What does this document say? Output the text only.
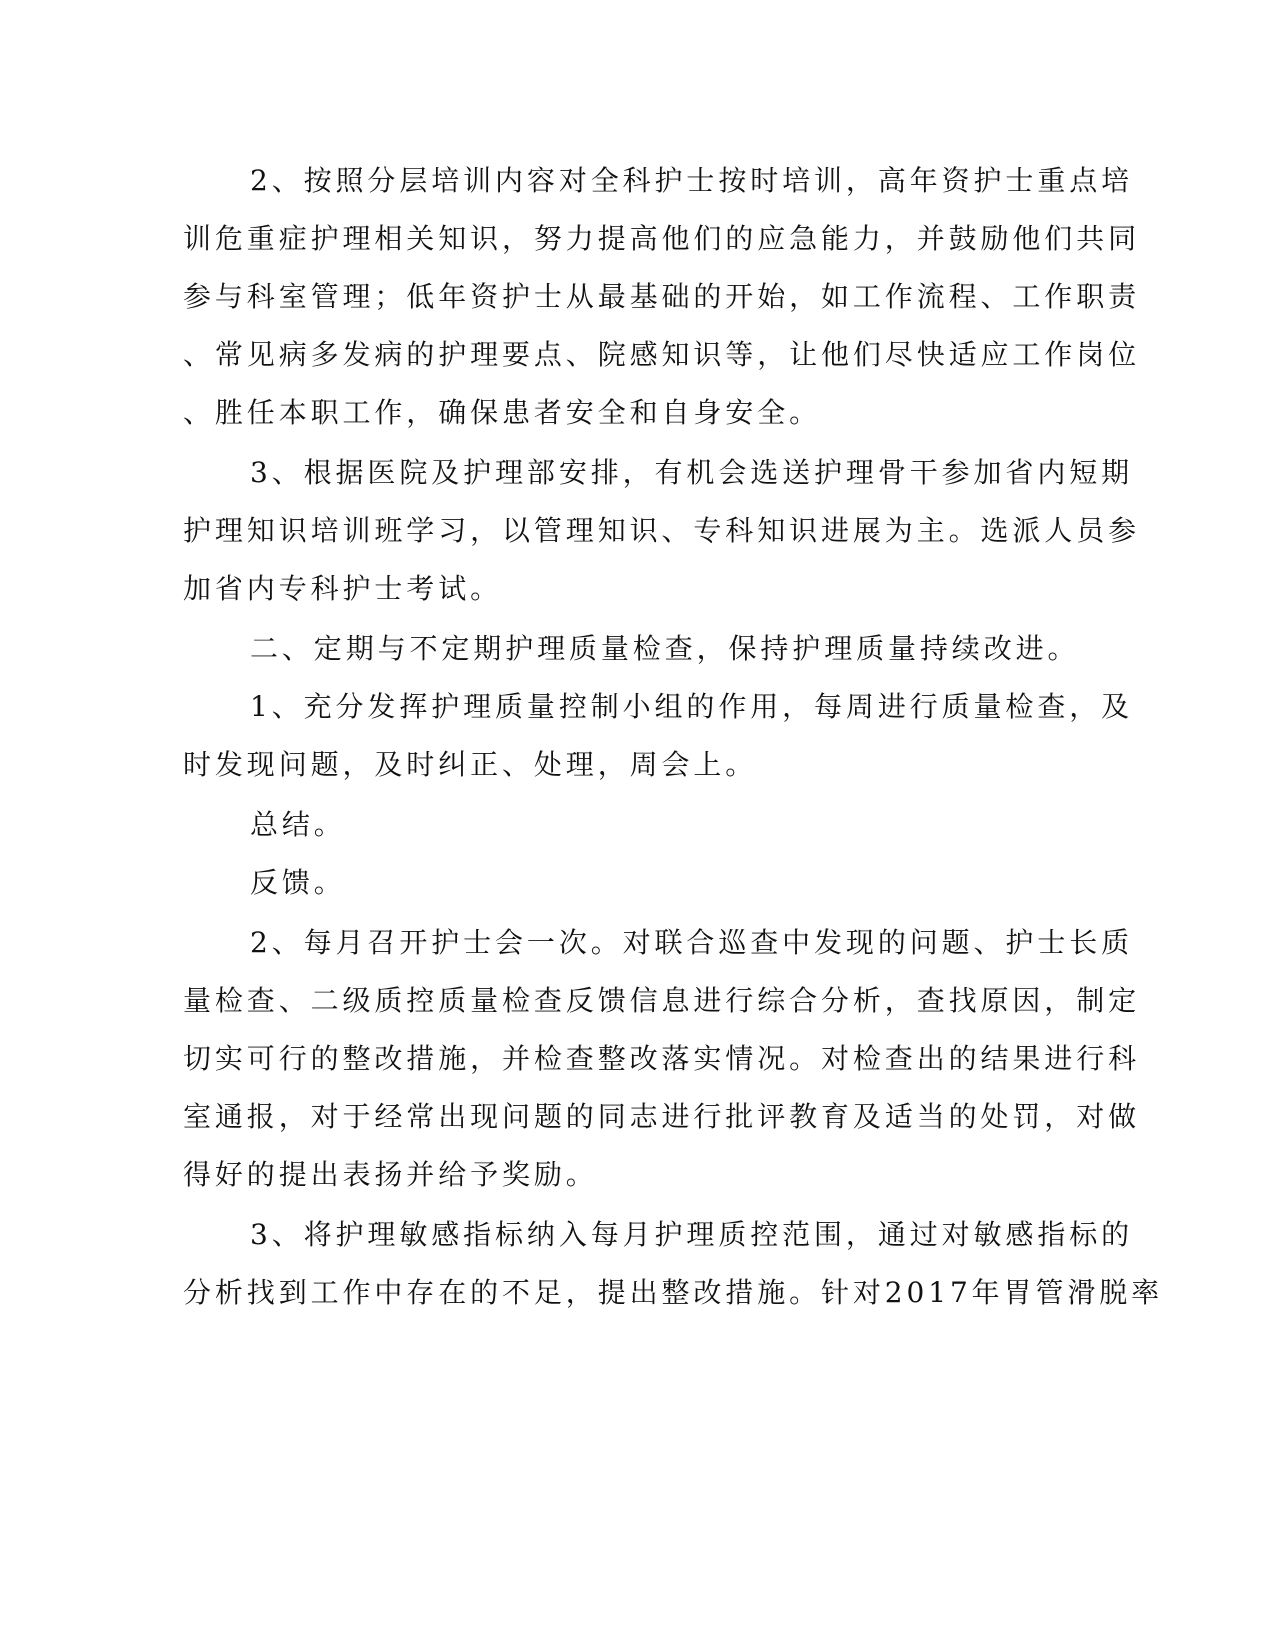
2、按照分层培训内容对全科护士按时培训，高年资护士重点培
训危重症护理相关知识，努力提高他们的应急能力，并鼓励他们共同
参与科室管理；低年资护士从最基础的开始，如工作流程、工作职责
、常见病多发病的护理要点、院感知识等，让他们尽快适应工作岗位
、胜任本职工作，确保患者安全和自身安全。
3、根据医院及护理部安排，有机会选送护理骨干参加省内短期
护理知识培训班学习，以管理知识、专科知识进展为主。选派人员参
加省内专科护士考试。
二、定期与不定期护理质量检查，保持护理质量持续改进。
1、充分发挥护理质量控制小组的作用，每周进行质量检查，及
时发现问题，及时纠正、处理，周会上。
总结。
反馈。
2、每月召开护士会一次。对联合巡查中发现的问题、护士长质
量检查、二级质控质量检查反馈信息进行综合分析，查找原因，制定
切实可行的整改措施，并检查整改落实情况。对检查出的结果进行科
室通报，对于经常出现问题的同志进行批评教育及适当的处罚，对做
得好的提出表扬并给予奖励。
3、将护理敏感指标纳入每月护理质控范围，通过对敏感指标的
分析找到工作中存在的不足，提出整改措施。针对2017年胃管滑脱率
